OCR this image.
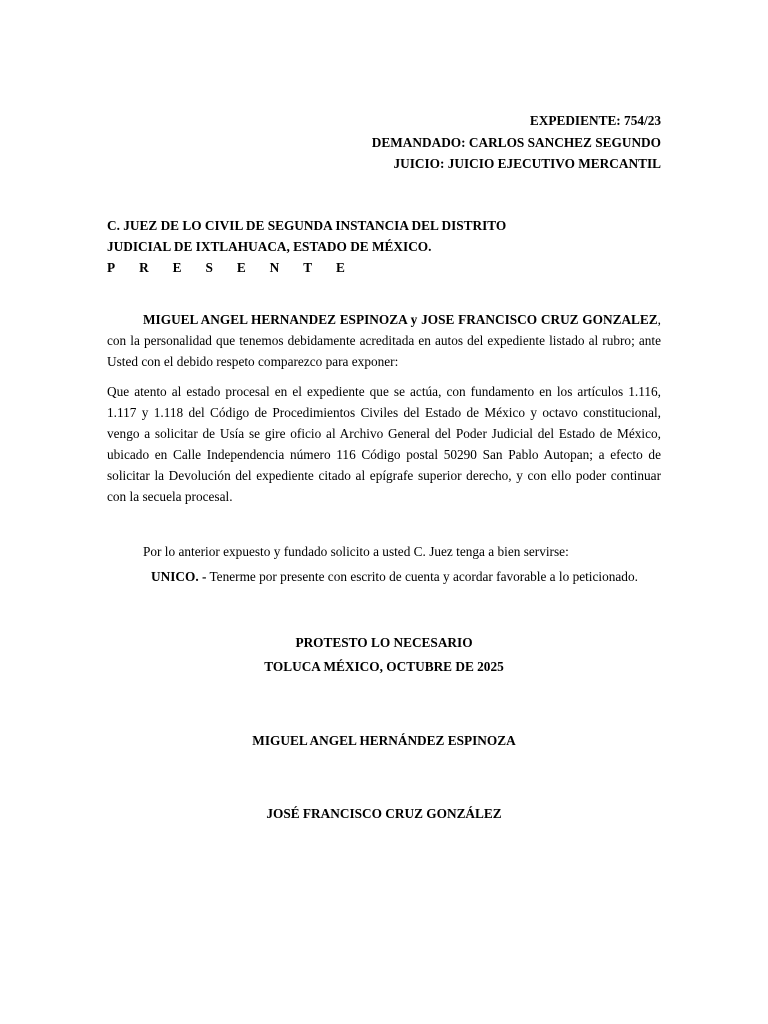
EXPEDIENTE: 754/23
DEMANDADO: CARLOS SANCHEZ SEGUNDO
JUICIO: JUICIO EJECUTIVO MERCANTIL
C. JUEZ DE LO CIVIL DE SEGUNDA INSTANCIA DEL DISTRITO
JUDICIAL DE IXTLAHUACA, ESTADO DE MÉXICO.
P R E S E N T E
MIGUEL ANGEL HERNANDEZ ESPINOZA y JOSE FRANCISCO CRUZ GONZALEZ, con la personalidad que tenemos debidamente acreditada en autos del expediente listado al rubro; ante Usted con el debido respeto comparezco para exponer:
Que atento al estado procesal en el expediente que se actúa, con fundamento en los artículos 1.116, 1.117 y 1.118 del Código de Procedimientos Civiles del Estado de México y octavo constitucional, vengo a solicitar de Usía se gire oficio al Archivo General del Poder Judicial del Estado de México, ubicado en Calle Independencia número 116 Código postal 50290 San Pablo Autopan; a efecto de solicitar la Devolución del expediente citado al epígrafe superior derecho, y con ello poder continuar con la secuela procesal.
Por lo anterior expuesto y fundado solicito a usted C. Juez tenga a bien servirse:
UNICO. - Tenerme por presente con escrito de cuenta y acordar favorable a lo peticionado.
PROTESTO LO NECESARIO
TOLUCA MÉXICO, OCTUBRE DE 2025
MIGUEL ANGEL HERNÁNDEZ ESPINOZA
JOSÉ FRANCISCO CRUZ GONZÁLEZ
